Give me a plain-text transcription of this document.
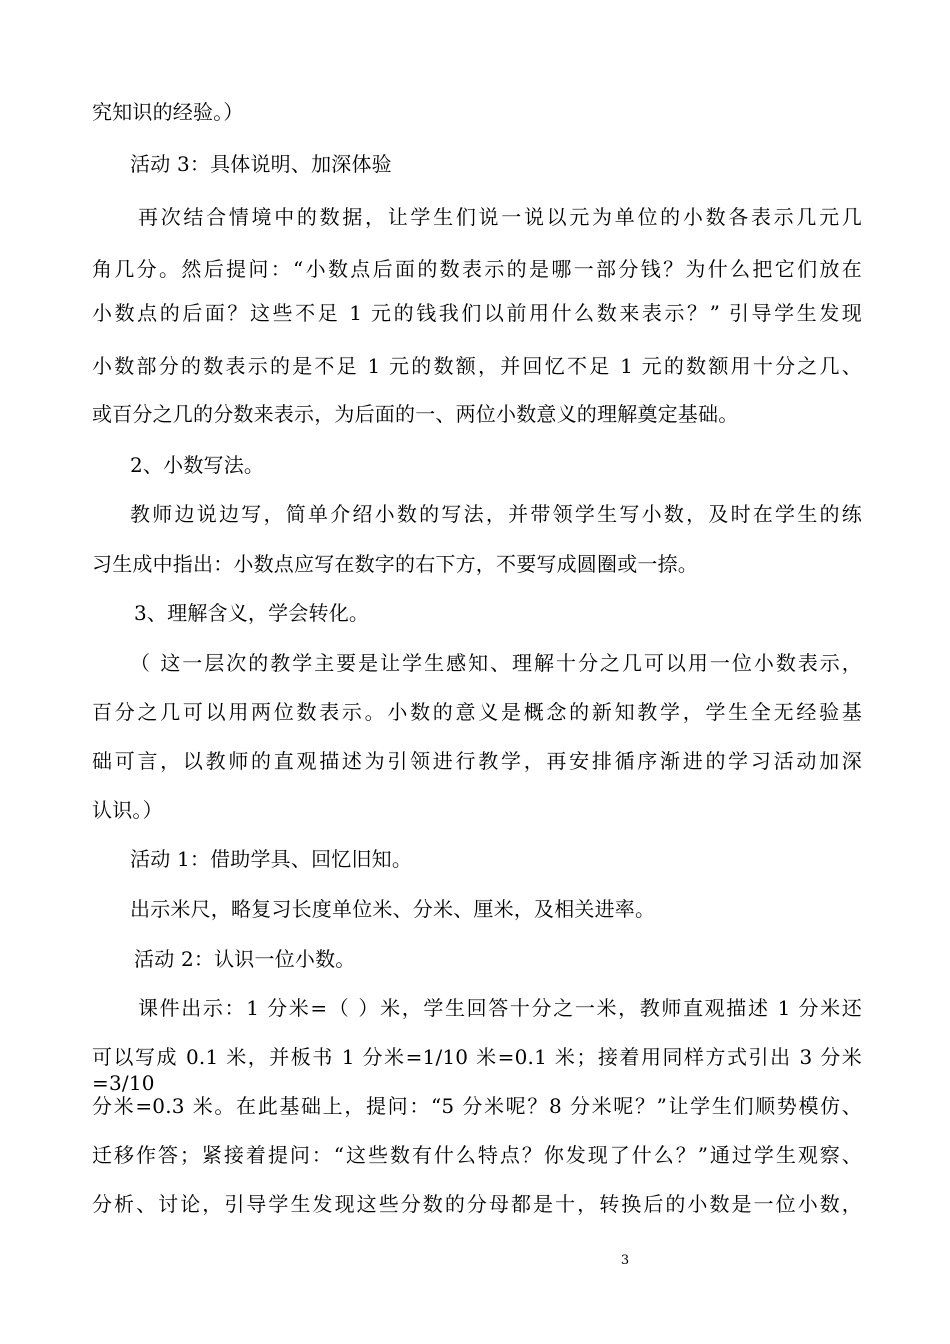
究知识的经验。）
活动 3：具体说明、加深体验
再次结合情境中的数据，让学生们说一说以元为单位的小数各表示几元几
角几分。然后提问：“小数点后面的数表示的是哪一部分钱？为什么把它们放在
小数点的后面？这些不足 1 元的钱我们以前用什么数来表示？” 引导学生发现
小数部分的数表示的是不足 1 元的数额，并回忆不足 1 元的数额用十分之几、
或百分之几的分数来表示，为后面的一、两位小数意义的理解奠定基础。
2、小数写法。
教师边说边写，简单介绍小数的写法，并带领学生写小数，及时在学生的练
习生成中指出：小数点应写在数字的右下方，不要写成圆圈或一捺。
3、理解含义，学会转化。
（ 这一层次的教学主要是让学生感知、理解十分之几可以用一位小数表示，
百分之几可以用两位数表示。小数的意义是概念的新知教学，学生全无经验基
础可言，以教师的直观描述为引领进行教学，再安排循序渐进的学习活动加深
认识。）
活动 1：借助学具、回忆旧知。
出示米尺，略复习长度单位米、分米、厘米，及相关进率。
活动 2：认识一位小数。
课件出示：1 分米=（ ）米，学生回答十分之一米，教师直观描述 1 分米还
可以写成 0.1 米，并板书 1 分米=1/10 米=0.1 米；接着用同样方式引出 3 分米=3/10
分米=0.3 米。在此基础上，提问：“5 分米呢？8 分米呢？”让学生们顺势模仿、
迁移作答；紧接着提问：“这些数有什么特点？你发现了什么？”通过学生观察、
分析、讨论，引导学生发现这些分数的分母都是十，转换后的小数是一位小数，
3
